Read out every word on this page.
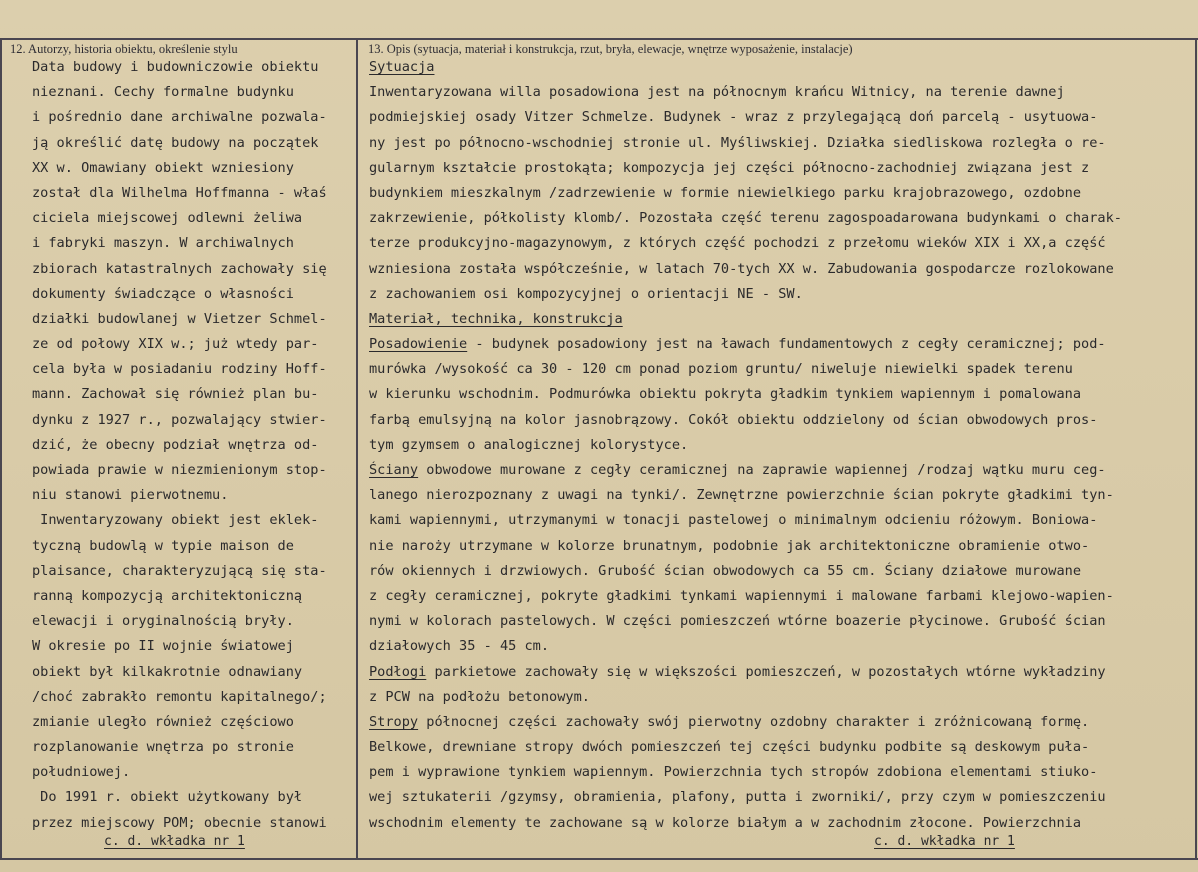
12. Autorzy, historia obiektu, określenie stylu	13. Opis (sytuacja, materiał i konstrukcja, rzut, bryła, elewacje, wnętrze wyposażenie, instalacje)
Data budowy i budowniczowie obiektu
nieznani. Cechy formalne budynku
i pośrednio dane archiwalne pozwala-
ją określić datę budowy na początek
XX w. Omawiany obiekt wzniesiony
został dla Wilhelma Hoffmanna - właś
ciciela miejscowej odlewni żeliwa
i fabryki maszyn. W archiwalnych
zbiorach katastralnych zachowały się
dokumenty świadczące o własności
działki budowlanej w Vietzer Schmel-
ze od połowy XIX w.; już wtedy par-
cela była w posiadaniu rodziny Hoff-
mann. Zachował się również plan bu-
dynku z 1927 r., pozwalający stwier-
dzić, że obecny podział wnętrza od-
powiada prawie w niezmienionym stop-
niu stanowi pierwotnemu.
Inwentaryzowany obiekt jest eklek-
tyczną budowlą w typie maison de
plaisance, charakteryzującą się sta-
ranną kompozycją architektoniczną
elewacji i oryginalnością bryły.
W okresie po II wojnie światowej
obiekt był kilkakrotnie odnawiany
/choć zabrakło remontu kapitalnego/;
zmianie uległo również częściowo
rozplanowanie wnętrza po stronie
południowej.
Do 1991 r. obiekt użytkowany był
przez miejscowy POM; obecnie stanowi
Sytuacja
Inwentaryzowana willa posadowiona jest na północnym krańcu Witnicy, na terenie dawnej
podmiejskiej osady Vitzer Schmelze. Budynek - wraz z przylegającą doń parcelą - usytuowa-
ny jest po północno-wschodniej stronie ul. Myśliwskiej. Działka siedliskowa rozległa o re-
gularnym kształcie prostokąta; kompozycja jej części północno-zachodniej związana jest z
budynkiem mieszkalnym /zadrzewienie w formie niewielkiego parku krajobrazowego, ozdobne
zakrzewienie, półkolisty klomb/. Pozostała część terenu zagospoadarowana budynkami o charak-
terze produkcyjno-magazynowym, z których część pochodzi z przełomu wieków XIX i XX,a część
wzniesiona została współcześnie, w latach 70-tych XX w. Zabudowania gospodarcze rozlokowane
z zachowaniem osi kompozycyjnej o orientacji NE - SW.
Materiał, technika, konstrukcja
Posadowienie - budynek posadowiony jest na ławach fundamentowych z cegły ceramicznej; pod-
murówka /wysokość ca 30 - 120 cm ponad poziom gruntu/ niweluje niewielki spadek terenu
w kierunku wschodnim. Podmurówka obiektu pokryta gładkim tynkiem wapiennym i pomalowana
farbą emulsyjną na kolor jasnobrązowy. Cokół obiektu oddzielony od ścian obwodowych pros-
tym gzymsem o analogicznej kolorystyce.
Ściany obwodowe murowane z cegły ceramicznej na zaprawie wapiennej /rodzaj wątku muru ceg-
lanego nierozpoznany z uwagi na tynki/. Zewnętrzne powierzchnie ścian pokryte gładkimi tyn-
kami wapiennymi, utrzymanymi w tonacji pastelowej o minimalnym odcieniu różowym. Boniowa-
nie naroży utrzymane w kolorze brunatnym, podobnie jak architektoniczne obramienie otwo-
rów okiennych i drzwiowych. Grubość ścian obwodowych ca 55 cm. Ściany działowe murowane
z cegły ceramicznej, pokryte gładkimi tynkami wapiennymi i malowane farbami klejowo-wapien-
nymi w kolorach pastelowych. W części pomieszczeń wtórne boazerie płycinowe. Grubość ścian
działowych 35 - 45 cm.
Podłogi parkietowe zachowały się w większości pomieszczeń, w pozostałych wtórne wykładziny
z PCW na podłożu betonowym.
Stropy północnej części zachowały swój pierwotny ozdobny charakter i zróżnicowaną formę.
Belkowe, drewniane stropy dwóch pomieszczeń tej części budynku podbite są deskowym puła-
pem i wyprawione tynkiem wapiennym. Powierzchnia tych stropów zdobiona elementami stiuko-
wej sztukaterii /gzymsy, obramienia, plafony, putta i zworniki/, przy czym w pomieszczeniu
wschodnim elementy te zachowane są w kolorze białym a w zachodnim złocone. Powierzchnia
c. d. wkładka nr 1	c. d. wkładka nr 1
